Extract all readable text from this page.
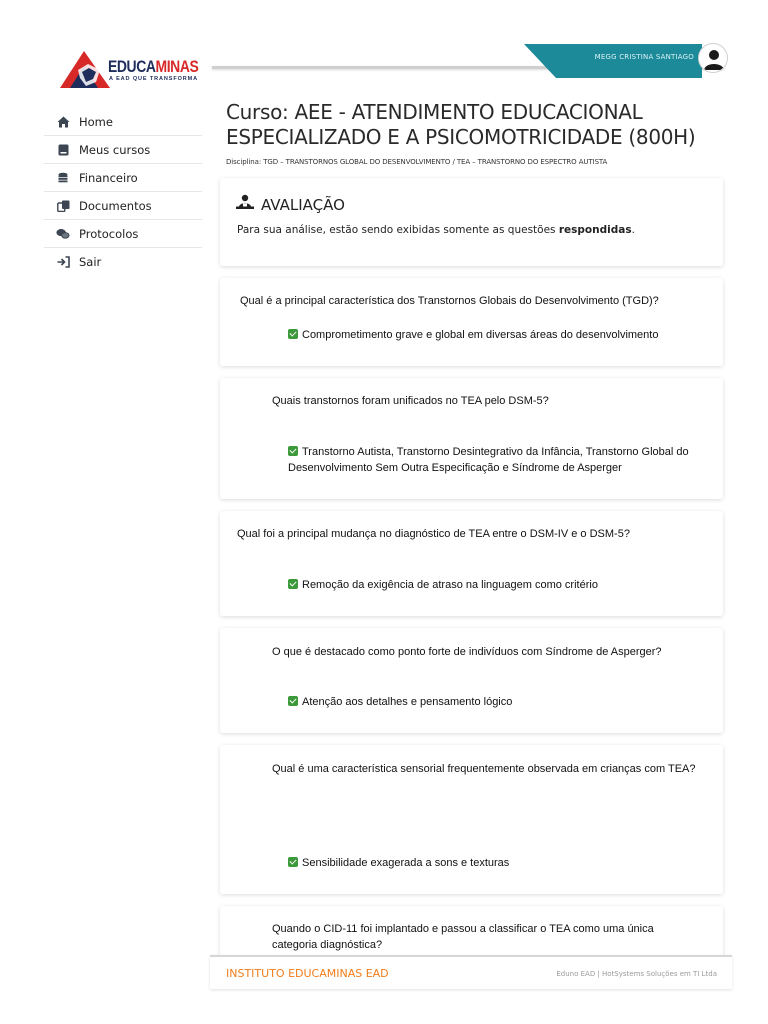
MEGG CRISTINA SANTIAGO
EDUCAMINAS
A EAD QUE TRANSFORMA
Home
Meus cursos
Financeiro
Documentos
Protocolos
Sair
Curso: AEE - ATENDIMENTO EDUCACIONAL ESPECIALIZADO E A PSICOMOTRICIDADE (800H)
Disciplina: TGD – TRANSTORNOS GLOBAL DO DESENVOLVIMENTO / TEA – TRANSTORNO DO ESPECTRO AUTISTA
AVALIAÇÃO
Para sua análise, estão sendo exibidas somente as questões respondidas.
Qual é a principal característica dos Transtornos Globais do Desenvolvimento (TGD)?
Comprometimento grave e global em diversas áreas do desenvolvimento
Quais transtornos foram unificados no TEA pelo DSM-5?
Transtorno Autista, Transtorno Desintegrativo da Infância, Transtorno Global do Desenvolvimento Sem Outra Especificação e Síndrome de Asperger
Qual foi a principal mudança no diagnóstico de TEA entre o DSM-IV e o DSM-5?
Remoção da exigência de atraso na linguagem como critério
O que é destacado como ponto forte de indivíduos com Síndrome de Asperger?
Atenção aos detalhes e pensamento lógico
Qual é uma característica sensorial frequentemente observada em crianças com TEA?
Sensibilidade exagerada a sons e texturas
Quando o CID-11 foi implantado e passou a classificar o TEA como uma única categoria diagnóstica?
INSTITUTO EDUCAMINAS EAD	Eduno EAD | HotSystems Soluções em TI Ltda
